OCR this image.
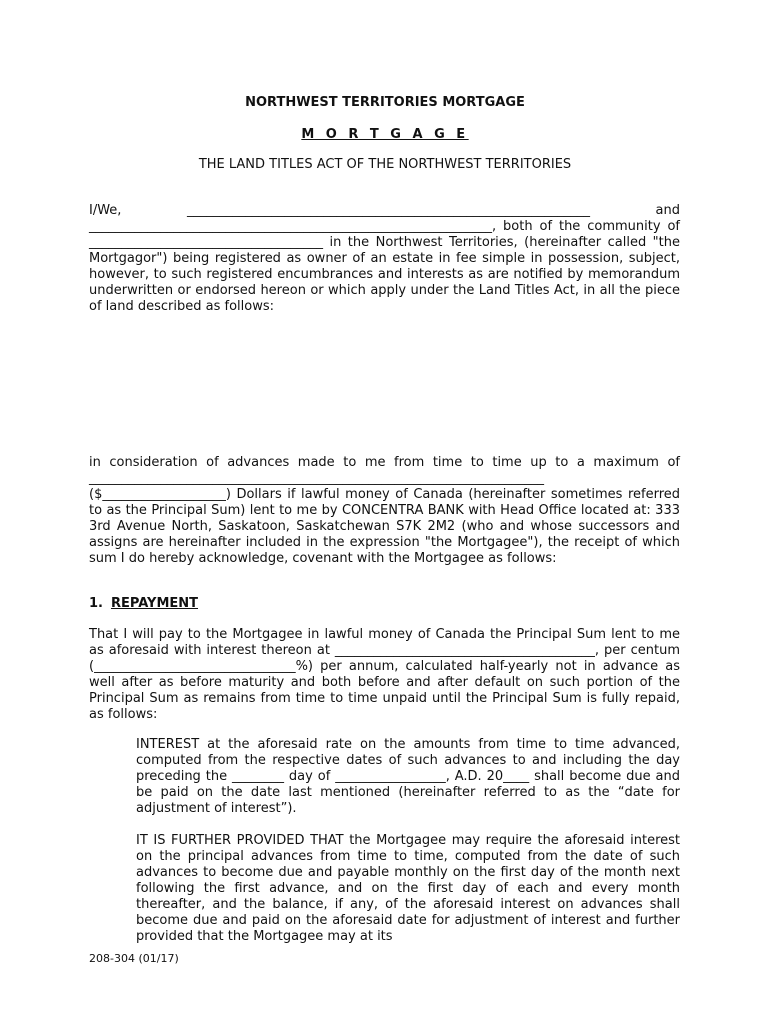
NORTHWEST TERRITORIES MORTGAGE
M O R T G A G E
THE LAND TITLES ACT OF THE NORTHWEST TERRITORIES

I/We, ______________________________________________________________ and ______________________________________________________________, both of the community of ____________________________________ in the Northwest Territories, (hereinafter called "the Mortgagor") being registered as owner of an estate in fee simple in possession, subject, however, to such registered encumbrances and interests as are notified by memorandum underwritten or endorsed hereon or which apply under the Land Titles Act, in all the piece of land described as follows:

in consideration of advances made to me from time to time up to a maximum of ______________________________________________________________________ ($___________________) Dollars if lawful money of Canada (hereinafter sometimes referred to as the Principal Sum) lent to me by CONCENTRA BANK with Head Office located at: 333 3rd Avenue North, Saskatoon, Saskatchewan S7K 2M2 (who and whose successors and assigns are hereinafter included in the expression "the Mortgagee"), the receipt of which sum I do hereby acknowledge, covenant with the Mortgagee as follows:

1. REPAYMENT

That I will pay to the Mortgagee in lawful money of Canada the Principal Sum lent to me as aforesaid with interest thereon at ________________________________________, per centum (_______________________________%) per annum, calculated half-yearly not in advance as well after as before maturity and both before and after default on such portion of the Principal Sum as remains from time to time unpaid until the Principal Sum is fully repaid, as follows:

INTEREST at the aforesaid rate on the amounts from time to time advanced, computed from the respective dates of such advances to and including the day preceding the ________ day of _________________, A.D. 20____ shall become due and be paid on the date last mentioned (hereinafter referred to as the “date for adjustment of interest”).

IT IS FURTHER PROVIDED THAT the Mortgagee may require the aforesaid interest on the principal advances from time to time, computed from the date of such advances to become due and payable monthly on the first day of the month next following the first advance, and on the first day of each and every month thereafter, and the balance, if any, of the aforesaid interest on advances shall become due and paid on the aforesaid date for adjustment of interest and further provided that the Mortgagee may at its

208-304 (01/17)
